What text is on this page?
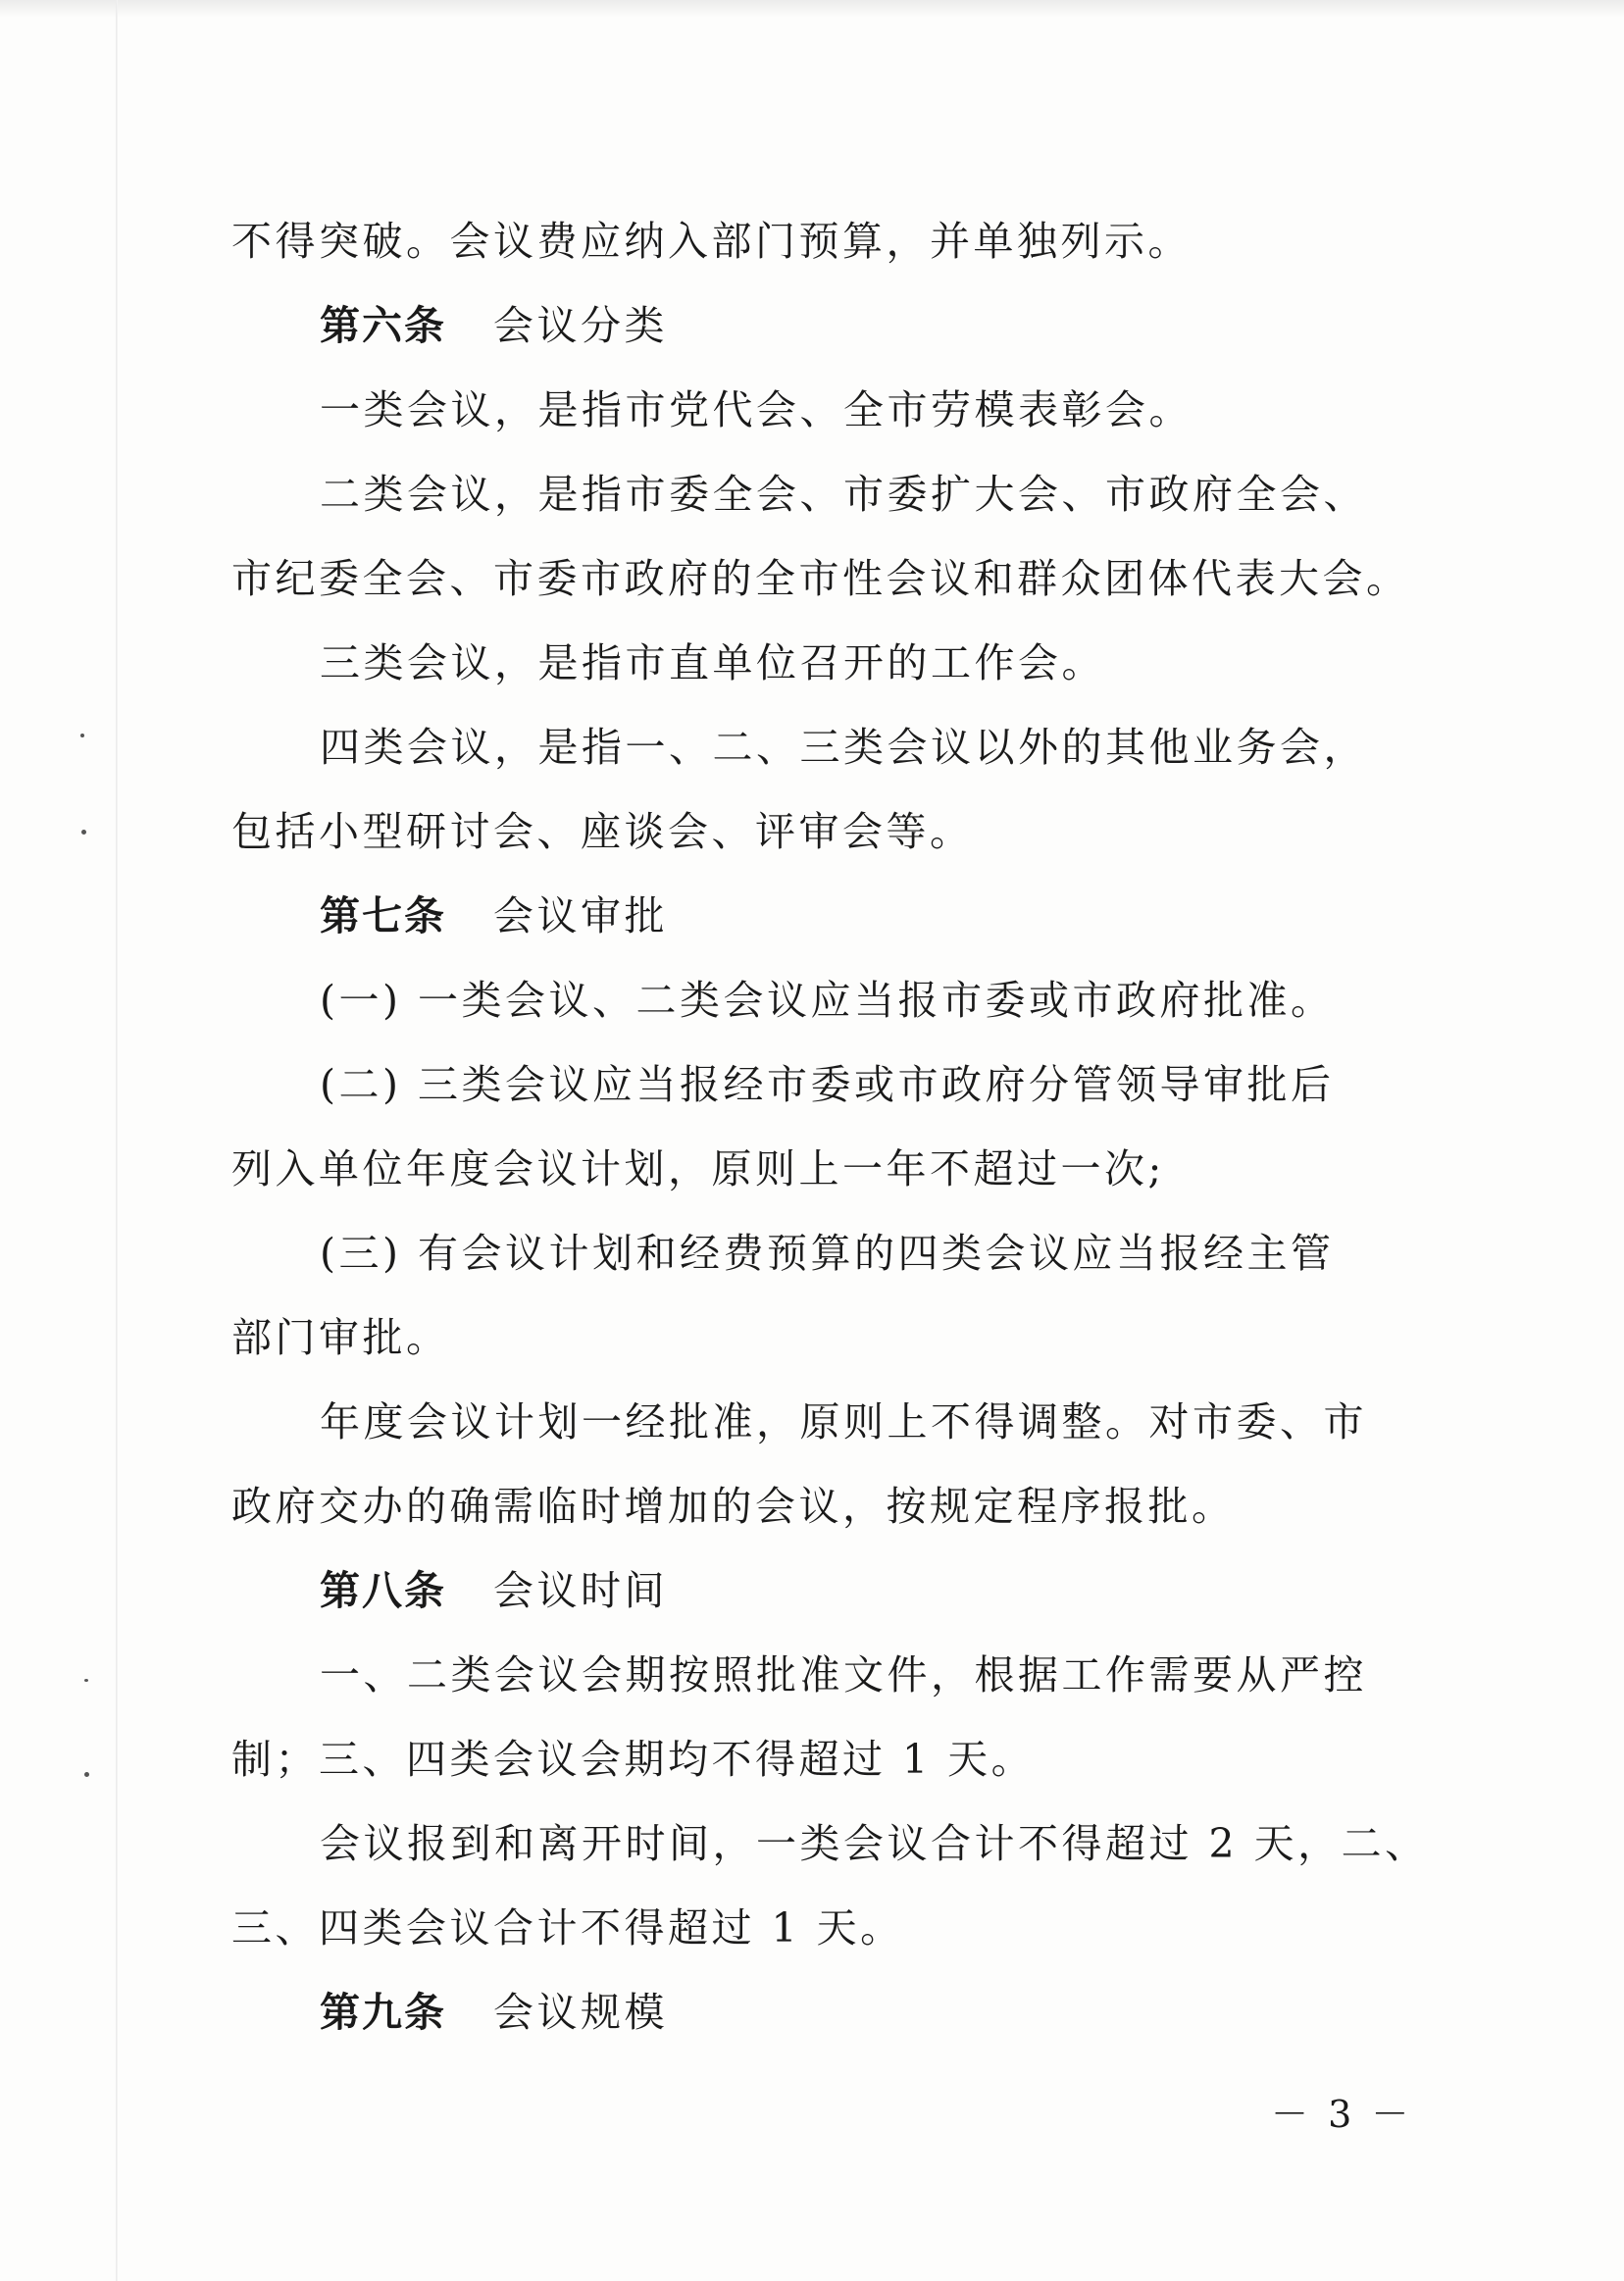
不得突破。会议费应纳入部门预算，并单独列示。
第六条 会议分类
一类会议，是指市党代会、全市劳模表彰会。
二类会议，是指市委全会、市委扩大会、市政府全会、
市纪委全会、市委市政府的全市性会议和群众团体代表大会。
三类会议，是指市直单位召开的工作会。
四类会议，是指一、二、三类会议以外的其他业务会，
包括小型研讨会、座谈会、评审会等。
第七条 会议审批
(一) 一类会议、二类会议应当报市委或市政府批准。
(二) 三类会议应当报经市委或市政府分管领导审批后
列入单位年度会议计划，原则上一年不超过一次;
(三) 有会议计划和经费预算的四类会议应当报经主管
部门审批。
年度会议计划一经批准，原则上不得调整。对市委、市
政府交办的确需临时增加的会议，按规定程序报批。
第八条 会议时间
一、二类会议会期按照批准文件，根据工作需要从严控
制；三、四类会议会期均不得超过 1 天。
会议报到和离开时间，一类会议合计不得超过 2 天，二、
三、四类会议合计不得超过 1 天。
第九条 会议规模
－ 3 －
